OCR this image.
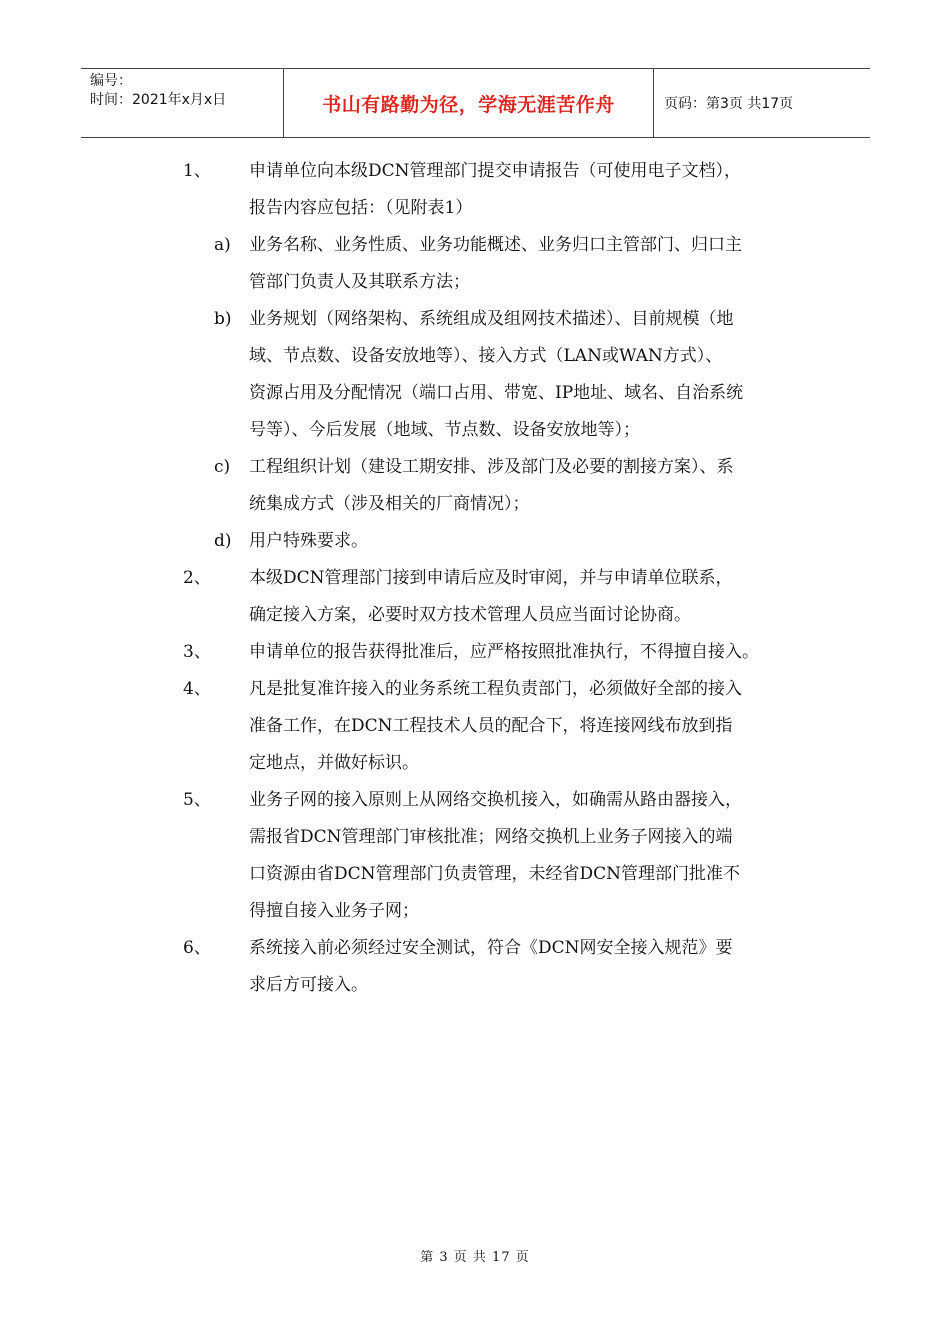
编号：
时间：2021年x月x日	书山有路勤为径，学海无涯苦作舟	页码：第3页 共17页
1、 申请单位向本级DCN管理部门提交申请报告（可使用电子文档），
报告内容应包括：（见附表1）
a) 业务名称、业务性质、业务功能概述、业务归口主管部门、归口主
管部门负责人及其联系方法；
b) 业务规划（网络架构、系统组成及组网技术描述）、目前规模（地
域、节点数、设备安放地等）、接入方式（LAN或WAN方式）、
资源占用及分配情况（端口占用、带宽、IP地址、域名、自治系统
号等）、今后发展（地域、节点数、设备安放地等）；
c) 工程组织计划（建设工期安排、涉及部门及必要的割接方案）、系
统集成方式（涉及相关的厂商情况）；
d) 用户特殊要求。
2、 本级DCN管理部门接到申请后应及时审阅，并与申请单位联系，
确定接入方案，必要时双方技术管理人员应当面讨论协商。
3、 申请单位的报告获得批准后，应严格按照批准执行，不得擅自接入。
4、 凡是批复准许接入的业务系统工程负责部门，必须做好全部的接入
准备工作，在DCN工程技术人员的配合下，将连接网线布放到指
定地点，并做好标识。
5、 业务子网的接入原则上从网络交换机接入，如确需从路由器接入，
需报省DCN管理部门审核批准；网络交换机上业务子网接入的端
口资源由省DCN管理部门负责管理，未经省DCN管理部门批准不
得擅自接入业务子网；
6、 系统接入前必须经过安全测试，符合《DCN网安全接入规范》要
求后方可接入。
第 3 页 共 17 页
